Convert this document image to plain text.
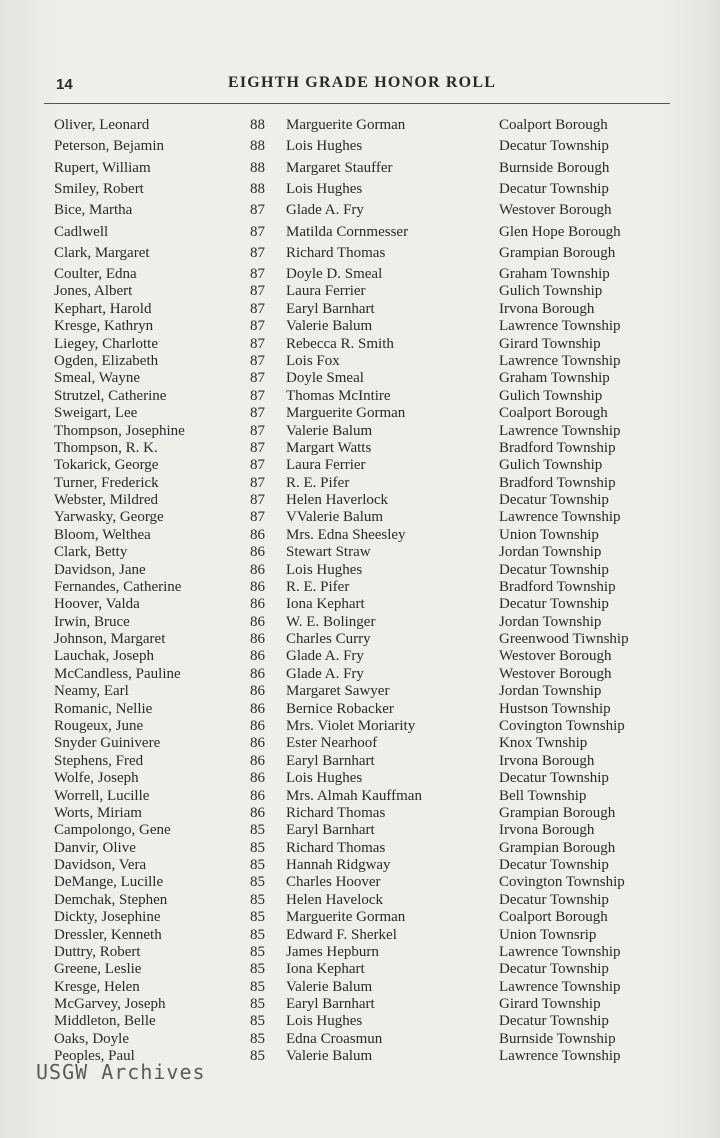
14	EIGHTH GRADE HONOR ROLL
Oliver, Leonard	88 Marguerite Gorman	Coalport Borough
Peterson, Bejamin	88 Lois Hughes	Decatur Township
Rupert, William	88 Margaret Stauffer	Burnside Borough
Smiley, Robert	88 Lois Hughes	Decatur Township
Bice, Martha	87 Glade A. Fry	Westover Borough
Cadlwell	87 Matilda Cornmesser	Glen Hope Borough
Clark, Margaret	87 Richard Thomas	Grampian Borough
Coulter, Edna	87 Doyle D. Smeal	Graham Township
Jones, Albert	87 Laura Ferrier	Gulich Township
Kephart, Harold	87 Earyl Barnhart	Irvona Borough
Kresge, Kathryn	87 Valerie Balum	Lawrence Township
Liegey, Charlotte	87 Rebecca R. Smith	Girard Township
Ogden, Elizabeth	87 Lois Fox	Lawrence Township
Smeal, Wayne	87 Doyle Smeal	Graham Township
Strutzel, Catherine	87 Thomas McIntire	Gulich Township
Sweigart, Lee	87 Marguerite Gorman	Coalport Borough
Thompson, Josephine	87 Valerie Balum	Lawrence Township
Thompson, R. K.	87 Margart Watts	Bradford Township
Tokarick, George	87 Laura Ferrier	Gulich Township
Turner, Frederick	87 R. E. Pifer	Bradford Township
Webster, Mildred	87 Helen Haverlock	Decatur Township
Yarwasky, George	87 VValerie Balum	Lawrence Township
Bloom, Welthea	86 Mrs. Edna Sheesley	Union Township
Clark, Betty	86 Stewart Straw	Jordan Township
Davidson, Jane	86 Lois Hughes	Decatur Township
Fernandes, Catherine	86 R. E. Pifer	Bradford Township
Hoover, Valda	86 Iona Kephart	Decatur Township
Irwin, Bruce	86 W. E. Bolinger	Jordan Township
Johnson, Margaret	86 Charles Curry	Greenwood Tiwnship
Lauchak, Joseph	86 Glade A. Fry	Westover Borough
McCandless, Pauline	86 Glade A. Fry	Westover Borough
Neamy, Earl	86 Margaret Sawyer	Jordan Township
Romanic, Nellie	86 Bernice Robacker	Hustson Township
Rougeux, June	86 Mrs. Violet Moriarity	Covington Township
Snyder Guinivere	86 Ester Nearhoof	Knox Twnship
Stephens, Fred	86 Earyl Barnhart	Irvona Borough
Wolfe, Joseph	86 Lois Hughes	Decatur Township
Worrell, Lucille	86 Mrs. Almah Kauffman	Bell Township
Worts, Miriam	86 Richard Thomas	Grampian Borough
Campolongo, Gene	85 Earyl Barnhart	Irvona Borough
Danvir, Olive	85 Richard Thomas	Grampian Borough
Davidson, Vera	85 Hannah Ridgway	Decatur Township
DeMange, Lucille	85 Charles Hoover	Covington Township
Demchak, Stephen	85 Helen Havelock	Decatur Township
Dickty, Josephine	85 Marguerite Gorman	Coalport Borough
Dressler, Kenneth	85 Edward F. Sherkel	Union Townsrip
Duttry, Robert	85 James Hepburn	Lawrence Township
Greene, Leslie	85 Iona Kephart	Decatur Township
Kresge, Helen	85 Valerie Balum	Lawrence Township
McGarvey, Joseph	85 Earyl Barnhart	Girard Township
Middleton, Belle	85 Lois Hughes	Decatur Township
Oaks, Doyle	85 Edna Croasmun	Burnside Township
Peoples, Paul	85 Valerie Balum	Lawrence Township
USGW Archives
